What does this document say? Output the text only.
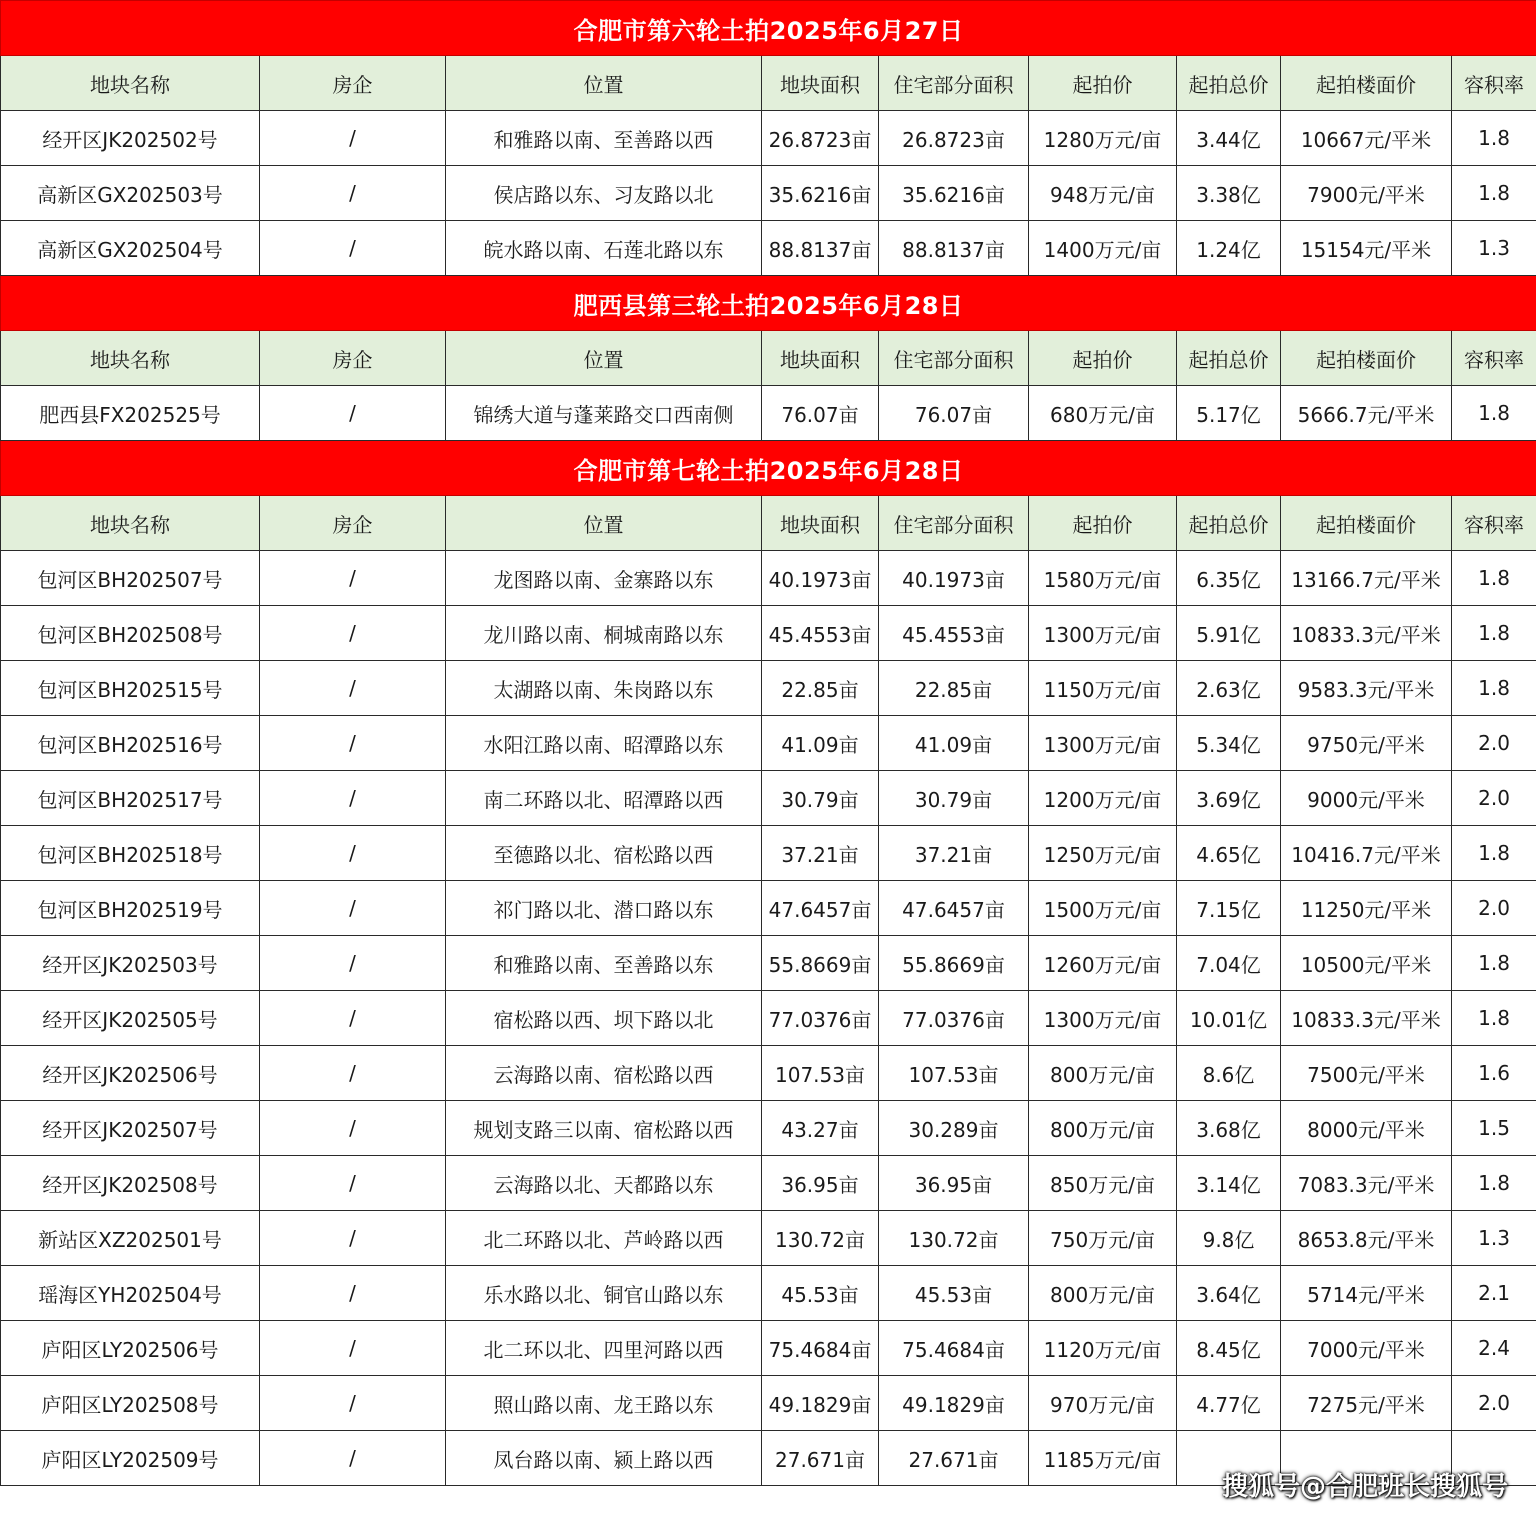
合肥市第六轮土拍2025年6月27日								
地块名称	房企	位置	地块面积	住宅部分面积	起拍价	起拍总价	起拍楼面价	容积率
经开区JK202502号	/	和雅路以南、至善路以西	26.8723亩	26.8723亩	1280万元/亩	3.44亿	10667元/平米	1.8
高新区GX202503号	/	侯店路以东、习友路以北	35.6216亩	35.6216亩	948万元/亩	3.38亿	7900元/平米	1.8
高新区GX202504号	/	皖水路以南、石莲北路以东	88.8137亩	88.8137亩	1400万元/亩	1.24亿	15154元/平米	1.3
肥西县第三轮土拍2025年6月28日								
地块名称	房企	位置	地块面积	住宅部分面积	起拍价	起拍总价	起拍楼面价	容积率
肥西县FX202525号	/	锦绣大道与蓬莱路交口西南侧	76.07亩	76.07亩	680万元/亩	5.17亿	5666.7元/平米	1.8
合肥市第七轮土拍2025年6月28日								
地块名称	房企	位置	地块面积	住宅部分面积	起拍价	起拍总价	起拍楼面价	容积率
包河区BH202507号	/	龙图路以南、金寨路以东	40.1973亩	40.1973亩	1580万元/亩	6.35亿	13166.7元/平米	1.8
包河区BH202508号	/	龙川路以南、桐城南路以东	45.4553亩	45.4553亩	1300万元/亩	5.91亿	10833.3元/平米	1.8
包河区BH202515号	/	太湖路以南、朱岗路以东	22.85亩	22.85亩	1150万元/亩	2.63亿	9583.3元/平米	1.8
包河区BH202516号	/	水阳江路以南、昭潭路以东	41.09亩	41.09亩	1300万元/亩	5.34亿	9750元/平米	2.0
包河区BH202517号	/	南二环路以北、昭潭路以西	30.79亩	30.79亩	1200万元/亩	3.69亿	9000元/平米	2.0
包河区BH202518号	/	至德路以北、宿松路以西	37.21亩	37.21亩	1250万元/亩	4.65亿	10416.7元/平米	1.8
包河区BH202519号	/	祁门路以北、潜口路以东	47.6457亩	47.6457亩	1500万元/亩	7.15亿	11250元/平米	2.0
经开区JK202503号	/	和雅路以南、至善路以东	55.8669亩	55.8669亩	1260万元/亩	7.04亿	10500元/平米	1.8
经开区JK202505号	/	宿松路以西、坝下路以北	77.0376亩	77.0376亩	1300万元/亩	10.01亿	10833.3元/平米	1.8
经开区JK202506号	/	云海路以南、宿松路以西	107.53亩	107.53亩	800万元/亩	8.6亿	7500元/平米	1.6
经开区JK202507号	/	规划支路三以南、宿松路以西	43.27亩	30.289亩	800万元/亩	3.68亿	8000元/平米	1.5
经开区JK202508号	/	云海路以北、天都路以东	36.95亩	36.95亩	850万元/亩	3.14亿	7083.3元/平米	1.8
新站区XZ202501号	/	北二环路以北、芦岭路以西	130.72亩	130.72亩	750万元/亩	9.8亿	8653.8元/平米	1.3
瑶海区YH202504号	/	乐水路以北、铜官山路以东	45.53亩	45.53亩	800万元/亩	3.64亿	5714元/平米	2.1
庐阳区LY202506号	/	北二环以北、四里河路以西	75.4684亩	75.4684亩	1120万元/亩	8.45亿	7000元/平米	2.4
庐阳区LY202508号	/	照山路以南、龙王路以东	49.1829亩	49.1829亩	970万元/亩	4.77亿	7275元/平米	2.0
庐阳区LY202509号	/	凤台路以南、颍上路以西	27.671亩	27.671亩	1185万元/亩			
搜狐号@合肥班长搜狐号
